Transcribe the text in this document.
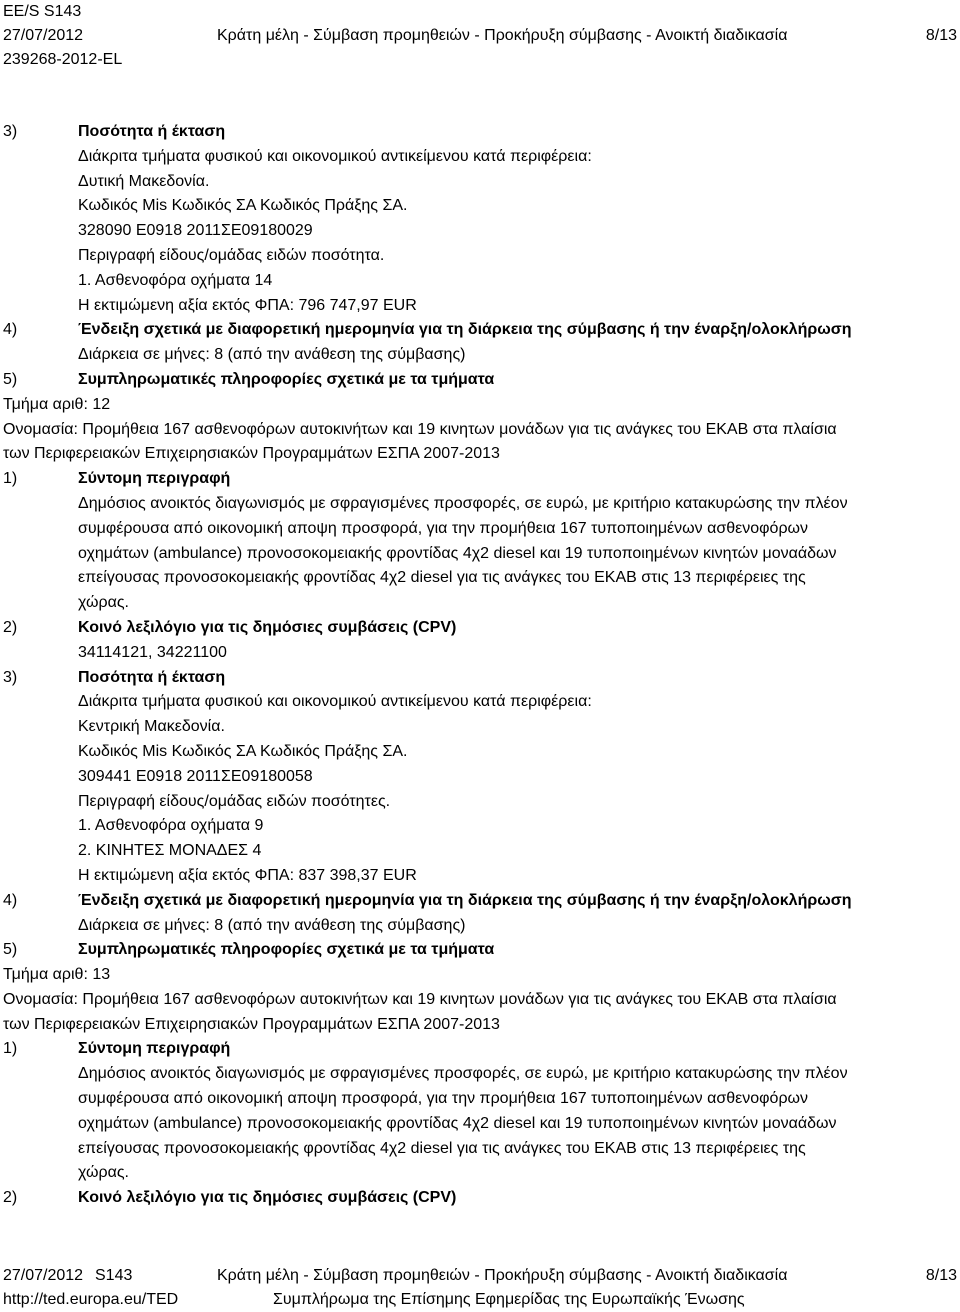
EE/S S143
27/07/2012	Κράτη μέλη - Σύμβαση προμηθειών - Προκήρυξη σύμβασης - Ανοικτή διαδικασία	8/13
239268-2012-EL
3)	Ποσότητα ή έκταση
Διάκριτα τμήματα φυσικού και οικονομικού αντικείμενου κατά περιφέρεια:
Δυτική Μακεδονία.
Κωδικός Mis Κωδικός ΣΑ Κωδικός Πράξης ΣΑ.
328090 Ε0918 2011ΣΕ09180029
Περιγραφή είδους/ομάδας ειδών ποσότητα.
1. Ασθενοφόρα οχήματα 14
Η εκτιμώμενη αξία εκτός ΦΠΑ: 796 747,97 EUR
4)	Ένδειξη σχετικά με διαφορετική ημερομηνία για τη διάρκεια της σύμβασης ή την έναρξη/ολοκλήρωση
Διάρκεια σε μήνες: 8 (από την ανάθεση της σύμβασης)
5)	Συμπληρωματικές πληροφορίες σχετικά με τα τμήματα
Τμήμα αριθ: 12
Ονομασία: Προμήθεια 167 ασθενοφόρων αυτοκινήτων και 19 κινητων μονάδων για τις ανάγκες του ΕΚΑΒ στα πλαίσια
των Περιφερειακών Επιχειρησιακών Προγραμμάτων ΕΣΠΑ 2007-2013
1)	Σύντομη περιγραφή
Δημόσιος ανοικτός διαγωνισμός με σφραγισμένες προσφορές, σε ευρώ, με κριτήριο κατακυρώσης την πλέον
συμφέρουσα από οικονομική αποψη προσφορά, για την προμήθεια 167 τυποποιημένων ασθενοφόρων
οχημάτων (ambulance) προνοσοκομειακής φροντίδας 4χ2 diesel και 19 τυποποιημένων κινητών μοναάδων
επείγουσας προνοσοκομειακής φροντίδας 4χ2 diesel για τις ανάγκες του ΕΚΑΒ στις 13 περιφέρειες της
χώρας.
2)	Κοινό λεξιλόγιο για τις δημόσιες συμβάσεις (CPV)
34114121, 34221100
3)	Ποσότητα ή έκταση
Διάκριτα τμήματα φυσικού και οικονομικού αντικείμενου κατά περιφέρεια:
Κεντρική Μακεδονία.
Κωδικός Mis Κωδικός ΣΑ Κωδικός Πράξης ΣΑ.
309441 Ε0918 2011ΣΕ09180058
Περιγραφή είδους/ομάδας ειδών ποσότητες.
1. Ασθενοφόρα οχήματα 9
2. ΚΙΝΗΤΕΣ ΜΟΝΑΔΕΣ 4
Η εκτιμώμενη αξία εκτός ΦΠΑ: 837 398,37 EUR
4)	Ένδειξη σχετικά με διαφορετική ημερομηνία για τη διάρκεια της σύμβασης ή την έναρξη/ολοκλήρωση
Διάρκεια σε μήνες: 8 (από την ανάθεση της σύμβασης)
5)	Συμπληρωματικές πληροφορίες σχετικά με τα τμήματα
Τμήμα αριθ: 13
Ονομασία: Προμήθεια 167 ασθενοφόρων αυτοκινήτων και 19 κινητων μονάδων για τις ανάγκες του ΕΚΑΒ στα πλαίσια
των Περιφερειακών Επιχειρησιακών Προγραμμάτων ΕΣΠΑ 2007-2013
1)	Σύντομη περιγραφή
Δημόσιος ανοικτός διαγωνισμός με σφραγισμένες προσφορές, σε ευρώ, με κριτήριο κατακυρώσης την πλέον
συμφέρουσα από οικονομική αποψη προσφορά, για την προμήθεια 167 τυποποιημένων ασθενοφόρων
οχημάτων (ambulance) προνοσοκομειακής φροντίδας 4χ2 diesel και 19 τυποποιημένων κινητών μοναάδων
επείγουσας προνοσοκομειακής φροντίδας 4χ2 diesel για τις ανάγκες του ΕΚΑΒ στις 13 περιφέρειες της
χώρας.
2)	Κοινό λεξιλόγιο για τις δημόσιες συμβάσεις (CPV)
27/07/2012 S143	Κράτη μέλη - Σύμβαση προμηθειών - Προκήρυξη σύμβασης - Ανοικτή διαδικασία	8/13
http://ted.europa.eu/TED	Συμπλήρωμα της Επίσημης Εφημερίδας της Ευρωπαϊκής Ένωσης
